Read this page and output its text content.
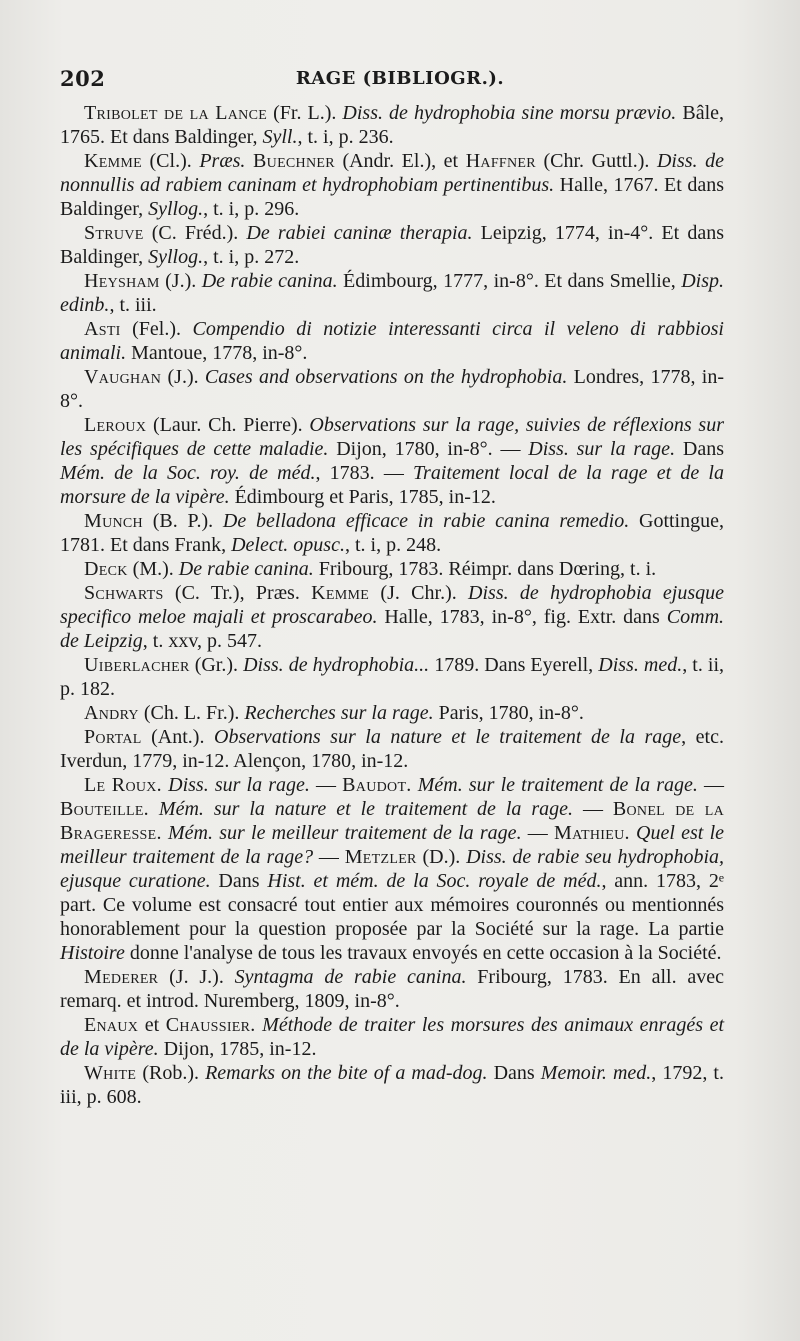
202	RAGE (BIBLIOGR.).

Tribolet de la Lance (Fr. L.). Diss. de hydrophobia sine morsu prævio. Bâle, 1765. Et dans Baldinger, Syll., t. i, p. 236.

Kemme (Cl.). Præs. Buechner (Andr. El.), et Haffner (Chr. Guttl.). Diss. de nonnullis ad rabiem caninam et hydrophobiam pertinentibus. Halle, 1767. Et dans Baldinger, Syllog., t. i, p. 296.

Struve (C. Fréd.). De rabiei caninæ therapia. Leipzig, 1774, in-4°. Et dans Baldinger, Syllog., t. i, p. 272.

Heysham (J.). De rabie canina. Édimbourg, 1777, in-8°. Et dans Smellie, Disp. edinb., t. iii.

Asti (Fel.). Compendio di notizie interessanti circa il veleno di rabbiosi animali. Mantoue, 1778, in-8°.

Vaughan (J.). Cases and observations on the hydrophobia. Londres, 1778, in-8°.

Leroux (Laur. Ch. Pierre). Observations sur la rage, suivies de réflexions sur les spécifiques de cette maladie. Dijon, 1780, in-8°. — Diss. sur la rage. Dans Mém. de la Soc. roy. de méd., 1783. — Traitement local de la rage et de la morsure de la vipère. Édimbourg et Paris, 1785, in-12.

Munch (B. P.). De belladona efficace in rabie canina remedio. Gottingue, 1781. Et dans Frank, Delect. opusc., t. i, p. 248.

Deck (M.). De rabie canina. Fribourg, 1783. Réimpr. dans Dœring, t. i.

Schwarts (C. Tr.), Præs. Kemme (J. Chr.). Diss. de hydrophobia ejusque specifico meloe majali et proscarabeo. Halle, 1783, in-8°, fig. Extr. dans Comm. de Leipzig, t. xxv, p. 547.

Uiberlacher (Gr.). Diss. de hydrophobia... 1789. Dans Eyerell, Diss. med., t. ii, p. 182.

Andry (Ch. L. Fr.). Recherches sur la rage. Paris, 1780, in-8°.

Portal (Ant.). Observations sur la nature et le traitement de la rage, etc. Iverdun, 1779, in-12. Alençon, 1780, in-12.

Le Roux. Diss. sur la rage. — Baudot. Mém. sur le traitement de la rage. — Bouteille. Mém. sur la nature et le traitement de la rage. — Bonel de la Brageresse. Mém. sur le meilleur traitement de la rage. — Mathieu. Quel est le meilleur traitement de la rage? — Metzler (D.). Diss. de rabie seu hydrophobia, ejusque curatione. Dans Hist. et mém. de la Soc. royale de méd., ann. 1783, 2ᵉ part. Ce volume est consacré tout entier aux mémoires couronnés ou mentionnés honorablement pour la question proposée par la Société sur la rage. La partie Histoire donne l'analyse de tous les travaux envoyés en cette occasion à la Société.

Mederer (J. J.). Syntagma de rabie canina. Fribourg, 1783. En all. avec remarq. et introd. Nuremberg, 1809, in-8°.

Enaux et Chaussier. Méthode de traiter les morsures des animaux enragés et de la vipère. Dijon, 1785, in-12.

White (Rob.). Remarks on the bite of a mad-dog. Dans Memoir. med., 1792, t. iii, p. 608.
